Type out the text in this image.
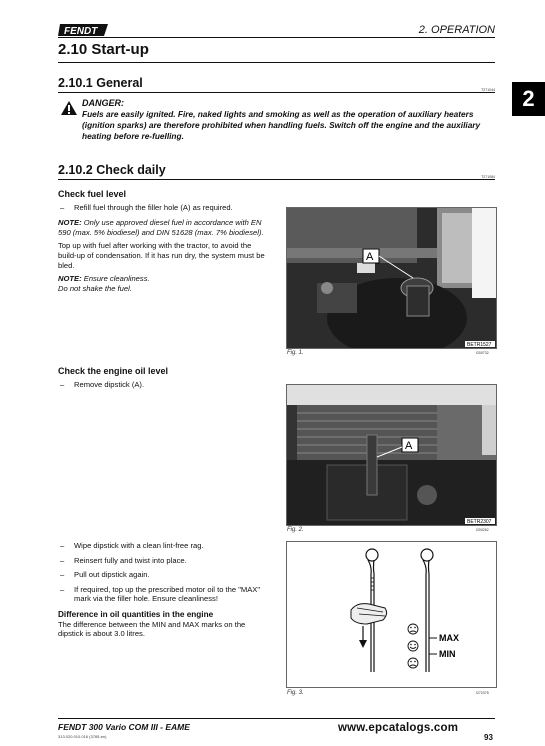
FENDT	2. OPERATION
2.10 Start-up
2
2.10.1 General	T271044
DANGER:
Fuels are easily ignited. Fire, naked lights and smoking as well as the operation of auxiliary heaters (ignition sparks) are therefore prohibited when handling fuels. Switch off the engine and the auxiliary heating before re-fuelling.
2.10.2 Check daily	T271084
Check fuel level
– Refill fuel through the filler hole (A) as required.
NOTE: Only use approved diesel fuel in accordance with EN 590 (max. 5% biodiesel) and DIN 51628 (max. 7% biodiesel).
Top up with fuel after working with the tractor, to avoid the build-up of condensation. If it has run dry, the system must be bled.
NOTE: Ensure cleanliness.
Do not shake the fuel.
A
BETR1527
Fig. 1.	I200732
Check the engine oil level
– Remove dipstick (A).
A
BETR2307
Fig. 2.	I200262
– Wipe dipstick with a clean lint-free rag.
– Reinsert fully and twist into place.
– Pull out dipstick again.
– If required, top up the prescribed motor oil to the "MAX" mark via the filler hole. Ensure cleanliness!
Difference in oil quantities in the engine
The difference between the MIN and MAX marks on the dipstick is about 3.0 litres.	MAX
MIN
Fig. 3.	I272375
FENDT 300 Vario COM III - EAME
313.020.010.016 (3785-en)
www.epcatalogs.com
93
